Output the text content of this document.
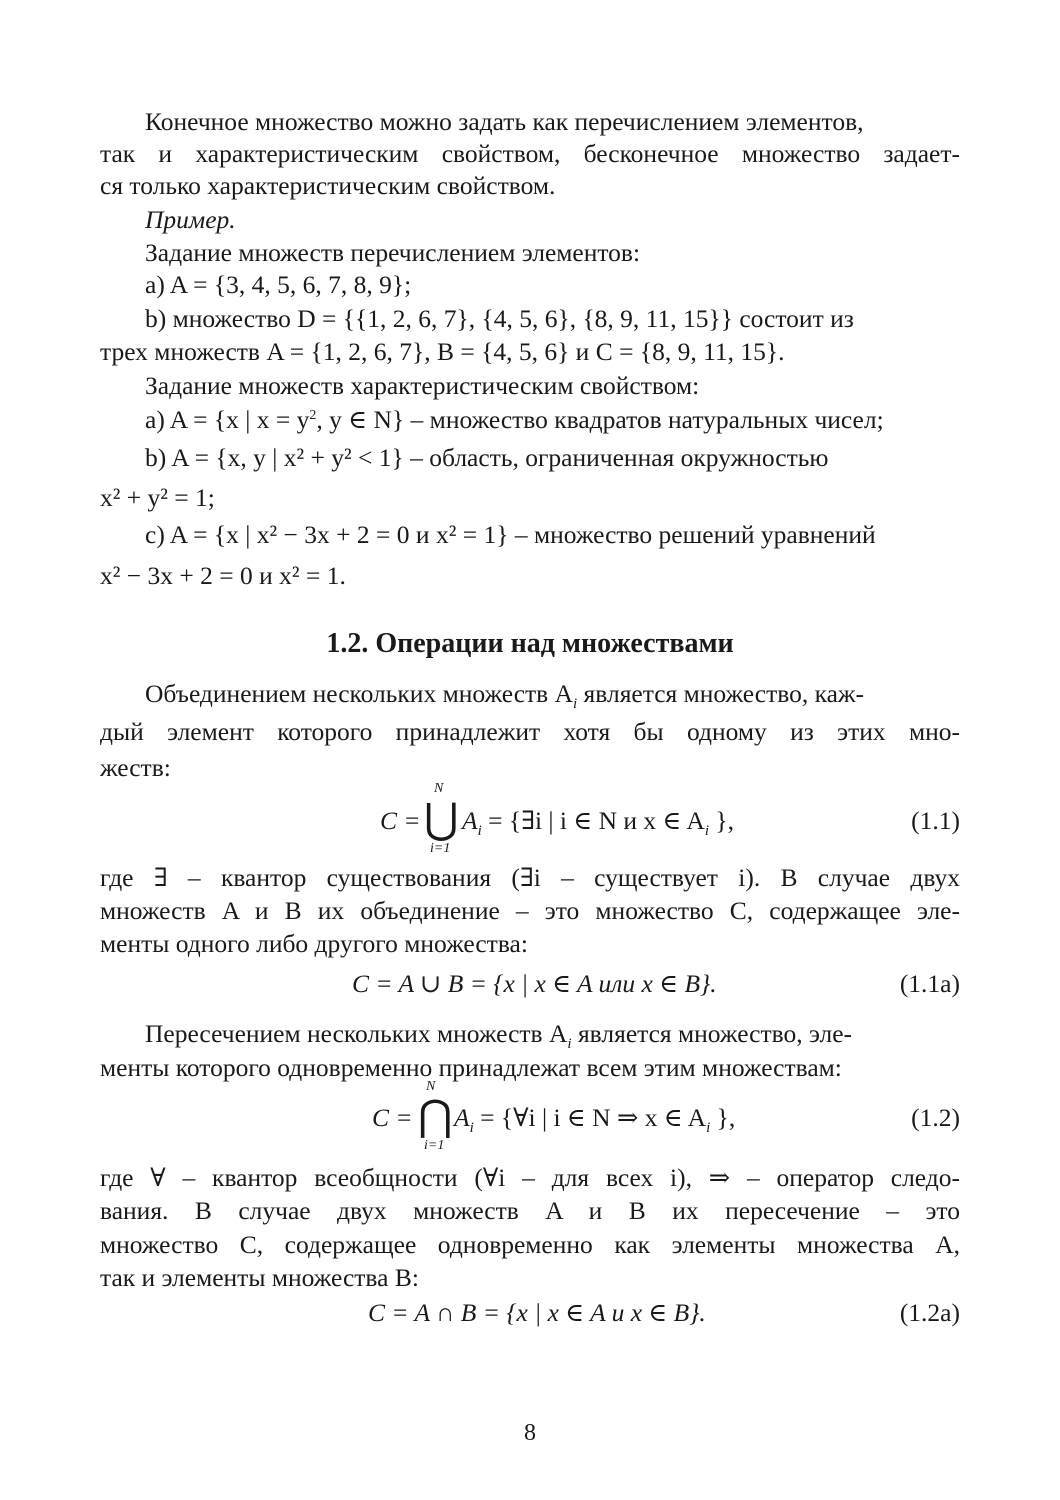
Конечное множество можно задать как перечислением элементов,
так и характеристическим свойством, бесконечное множество задает-
ся только характеристическим свойством.
Пример.
Задание множеств перечислением элементов:
a) A = {3, 4, 5, 6, 7, 8, 9};
b) множество D = {{1, 2, 6, 7}, {4, 5, 6}, {8, 9, 11, 15}} состоит из
трех множеств A = {1, 2, 6, 7}, B = {4, 5, 6} и C = {8, 9, 11, 15}.
Задание множеств характеристическим свойством:
a) A = {x | $x = y^2$, y ∈ N} – множество квадратов натуральных чисел;
b) A = {x, y | x² + y² < 1} – область, ограниченная окружностью
x² + y² = 1;
c) A = {x | x² − 3x + 2 = 0 и x² = 1} – множество решений уравнений
x² − 3x + 2 = 0 и x² = 1.
1.2. Операции над множествами
Объединением нескольких множеств $A_i$ является множество, каж-
дый элемент которого принадлежит хотя бы одному из этих мно-
жеств:
C =
N
⋃
i=1
$A_i$ = {∃i | i ∈ N и x ∈ $A_i$ },	(1.1)
где ∃ – квантор существования (∃i – существует i). В случае двух
множеств A и B их объединение – это множество C, содержащее эле-
менты одного либо другого множества:
C = A ∪ B = {x | x ∈ A или x ∈ B}.	(1.1а)
Пересечением нескольких множеств $A_i$ является множество, эле-
менты которого одновременно принадлежат всем этим множествам:
C =
N
⋂
i=1
$A_i$ = {∀i | i ∈ N ⇒ x ∈ $A_i$ },	(1.2)
где ∀ – квантор всеобщности (∀i – для всех i), ⇒ – оператор следо-
вания. В случае двух множеств A и B их пересечение – это
множество C, содержащее одновременно как элементы множества A,
так и элементы множества B:
C = A ∩ B = {x | x ∈ A и x ∈ B}.	(1.2а)
8
